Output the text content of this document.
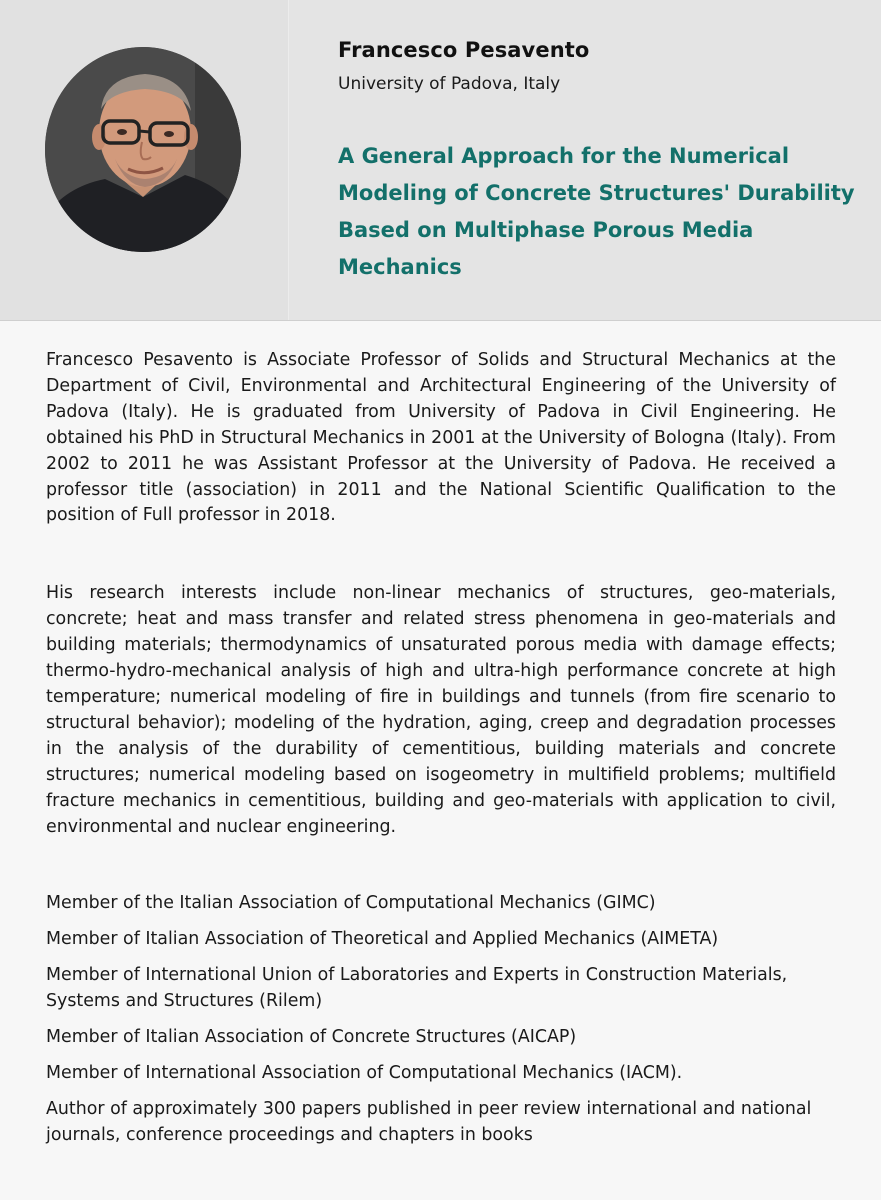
Francesco Pesavento
University of Padova, Italy
A General Approach for the Numerical Modeling of Concrete Structures' Durability Based on Multiphase Porous Media Mechanics

Francesco Pesavento is Associate Professor of Solids and Structural Mechanics at the Department of Civil, Environmental and Architectural Engineering of the University of Padova (Italy). He is graduated from University of Padova in Civil Engineering. He obtained his PhD in Structural Mechanics in 2001 at the University of Bologna (Italy). From 2002 to 2011 he was Assistant Professor at the University of Padova. He received a professor title (association) in 2011 and the National Scientific Qualification to the position of Full professor in 2018.

His research interests include non-linear mechanics of structures, geo-materials, concrete; heat and mass transfer and related stress phenomena in geo-materials and building materials; thermodynamics of unsaturated porous media with damage effects; thermo-hydro-mechanical analysis of high and ultra-high performance concrete at high temperature; numerical modeling of fire in buildings and tunnels (from fire scenario to structural behavior); modeling of the hydration, aging, creep and degradation processes in the analysis of the durability of cementitious, building materials and concrete structures; numerical modeling based on isogeometry in multifield problems; multifield fracture mechanics in cementitious, building and geo-materials with application to civil, environmental and nuclear engineering.

Member of the Italian Association of Computational Mechanics (GIMC)
Member of Italian Association of Theoretical and Applied Mechanics (AIMETA)
Member of International Union of Laboratories and Experts in Construction Materials, Systems and Structures (Rilem)
Member of Italian Association of Concrete Structures (AICAP)
Member of International Association of Computational Mechanics (IACM).
Author of approximately 300 papers published in peer review international and national journals, conference proceedings and chapters in books
